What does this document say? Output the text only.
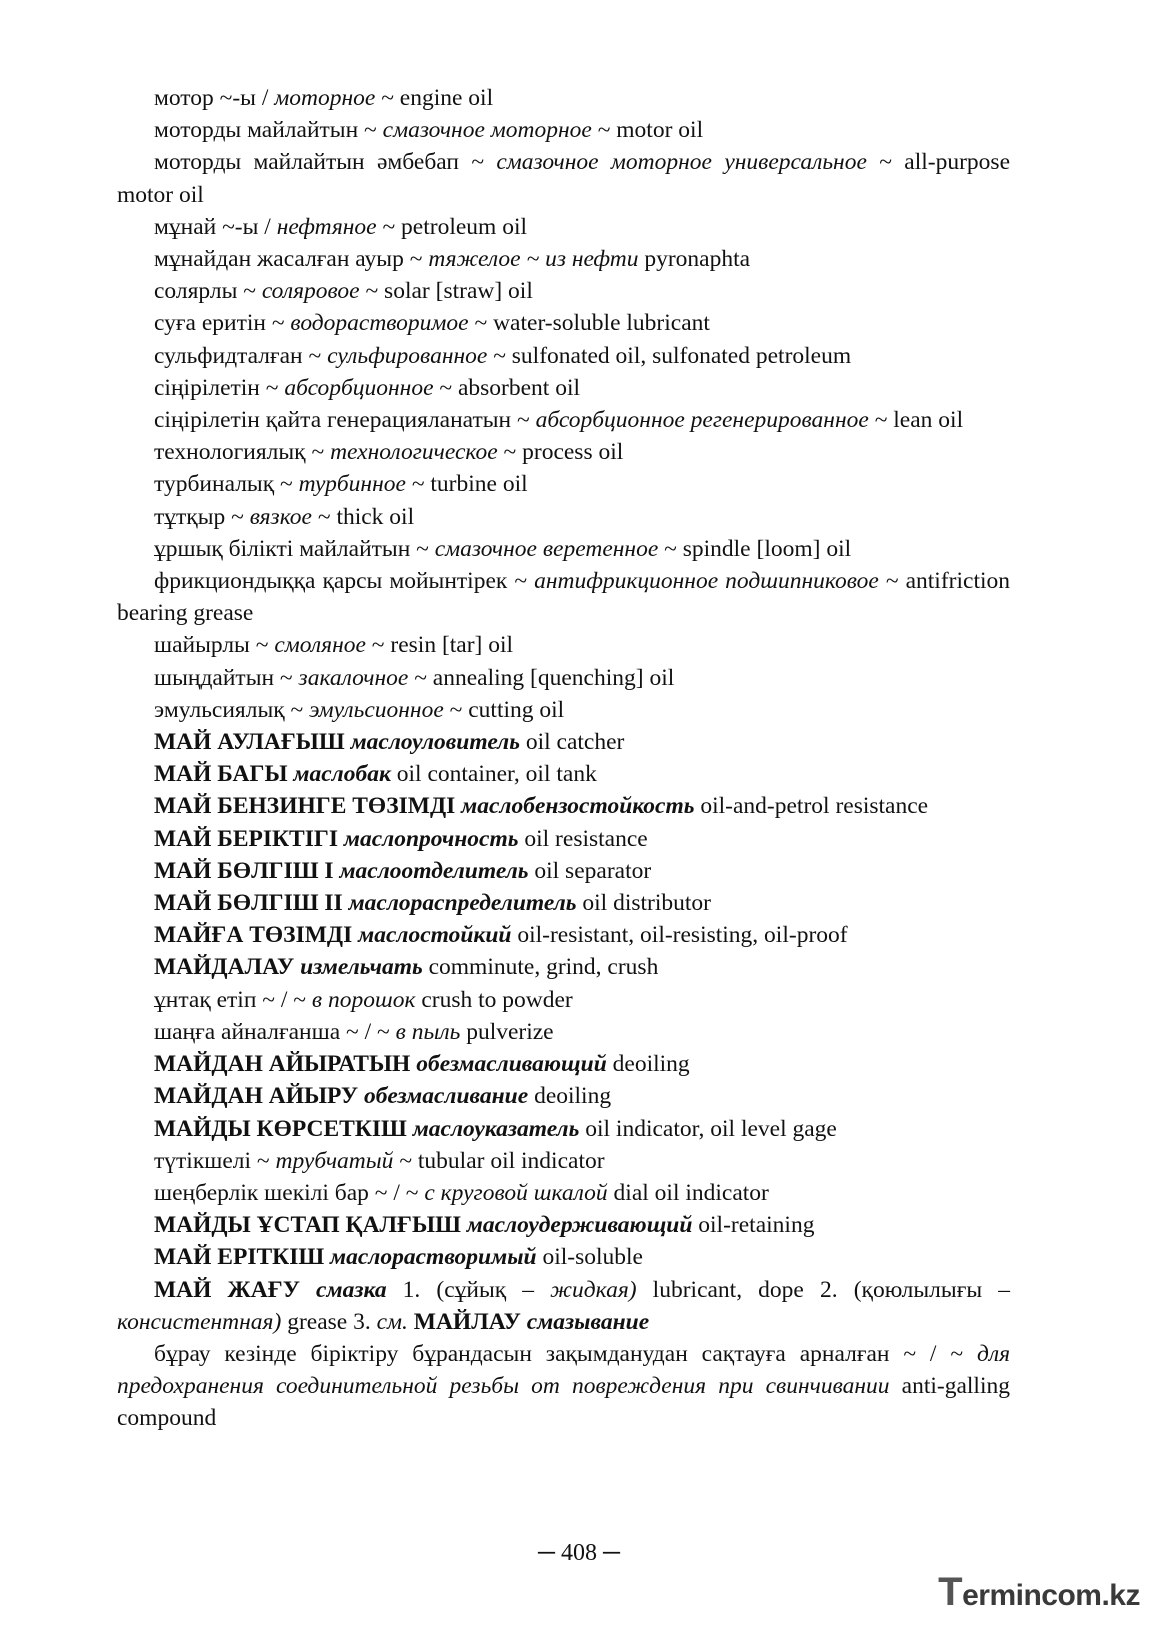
мотор ~-ы / моторное ~ engine oil

моторды майлайтын ~ смазочное моторное ~ motor oil

моторды майлайтын әмбебап ~ смазочное моторное универсальное ~ all-purpose motor oil

мұнай ~-ы / нефтяное ~ petroleum oil

мұнайдан жасалған ауыр ~ тяжелое ~ из нефти pyronaphta

солярлы ~ соляровое ~ solar [straw] oil

суға еритін ~ водорастворимое ~ water-soluble lubricant

сульфидталған ~ сульфированное ~ sulfonated oil, sulfonated petroleum

сіңірілетін ~ абсорбционное ~ absorbent oil

сіңірілетін қайта генерацияланатын ~ абсорбционное регенерированное ~ lean oil

технологиялық ~ технологическое ~ process oil

турбиналық ~ турбинное ~ turbine oil

тұтқыр ~ вязкое ~ thick oil

ұршық білікті майлайтын ~ смазочное веретенное ~ spindle [loom] oil

фрикциондыққа қарсы мойынтірек ~ антифрикционное подшипниковое ~ antifriction bearing grease

шайырлы ~ смоляное ~ resin [tar] oil

шыңдайтын ~ закалочное ~ annealing [quenching] oil

эмульсиялық ~ эмульсионное ~ cutting oil

МАЙ АУЛАҒЫШ маслоуловитель oil catcher

МАЙ БАГЫ маслобак oil container, oil tank

МАЙ БЕНЗИНГЕ ТӨЗІМДІ маслобензостойкость oil-and-petrol resistance

МАЙ БЕРІКТІГІ маслопрочность oil resistance

МАЙ БӨЛГІШ І маслоотделитель oil separator

МАЙ БӨЛГІШ ІІ маслораспределитель oil distributor

МАЙҒА ТӨЗІМДІ маслостойкий oil-resistant, oil-resisting, oil-proof

МАЙДАЛАУ измельчать comminute, grind, crush

ұнтақ етіп ~ / ~ в порошок crush to powder

шаңға айналғанша ~ / ~ в пыль pulverize

МАЙДАН АЙЫРАТЫН обезмасливающий deoiling

МАЙДАН АЙЫРУ обезмасливание deoiling

МАЙДЫ КӨРСЕТКІШ маслоуказатель oil indicator, oil level gage

түтікшелі ~ трубчатый ~ tubular oil indicator

шеңберлік шекілі бар ~ / ~ с круговой шкалой dial oil indicator

МАЙДЫ ҰСТАП ҚАЛҒЫШ маслоудерживающий oil-retaining

МАЙ ЕРІТКІШ маслорастворимый oil-soluble

МАЙ ЖАҒУ смазка 1. (сұйық – жидкая) lubricant, dope 2. (қоюлылығы – консистентная) grease 3. см. МАЙЛАУ смазывание

бұрау кезінде біріктіру бұрандасын зақымданудан сақтауға арналған ~ / ~ для предохранения соединительной резьбы от повреждения при свинчивании anti-galling compound

─ 408 ─
Termincom.kz
